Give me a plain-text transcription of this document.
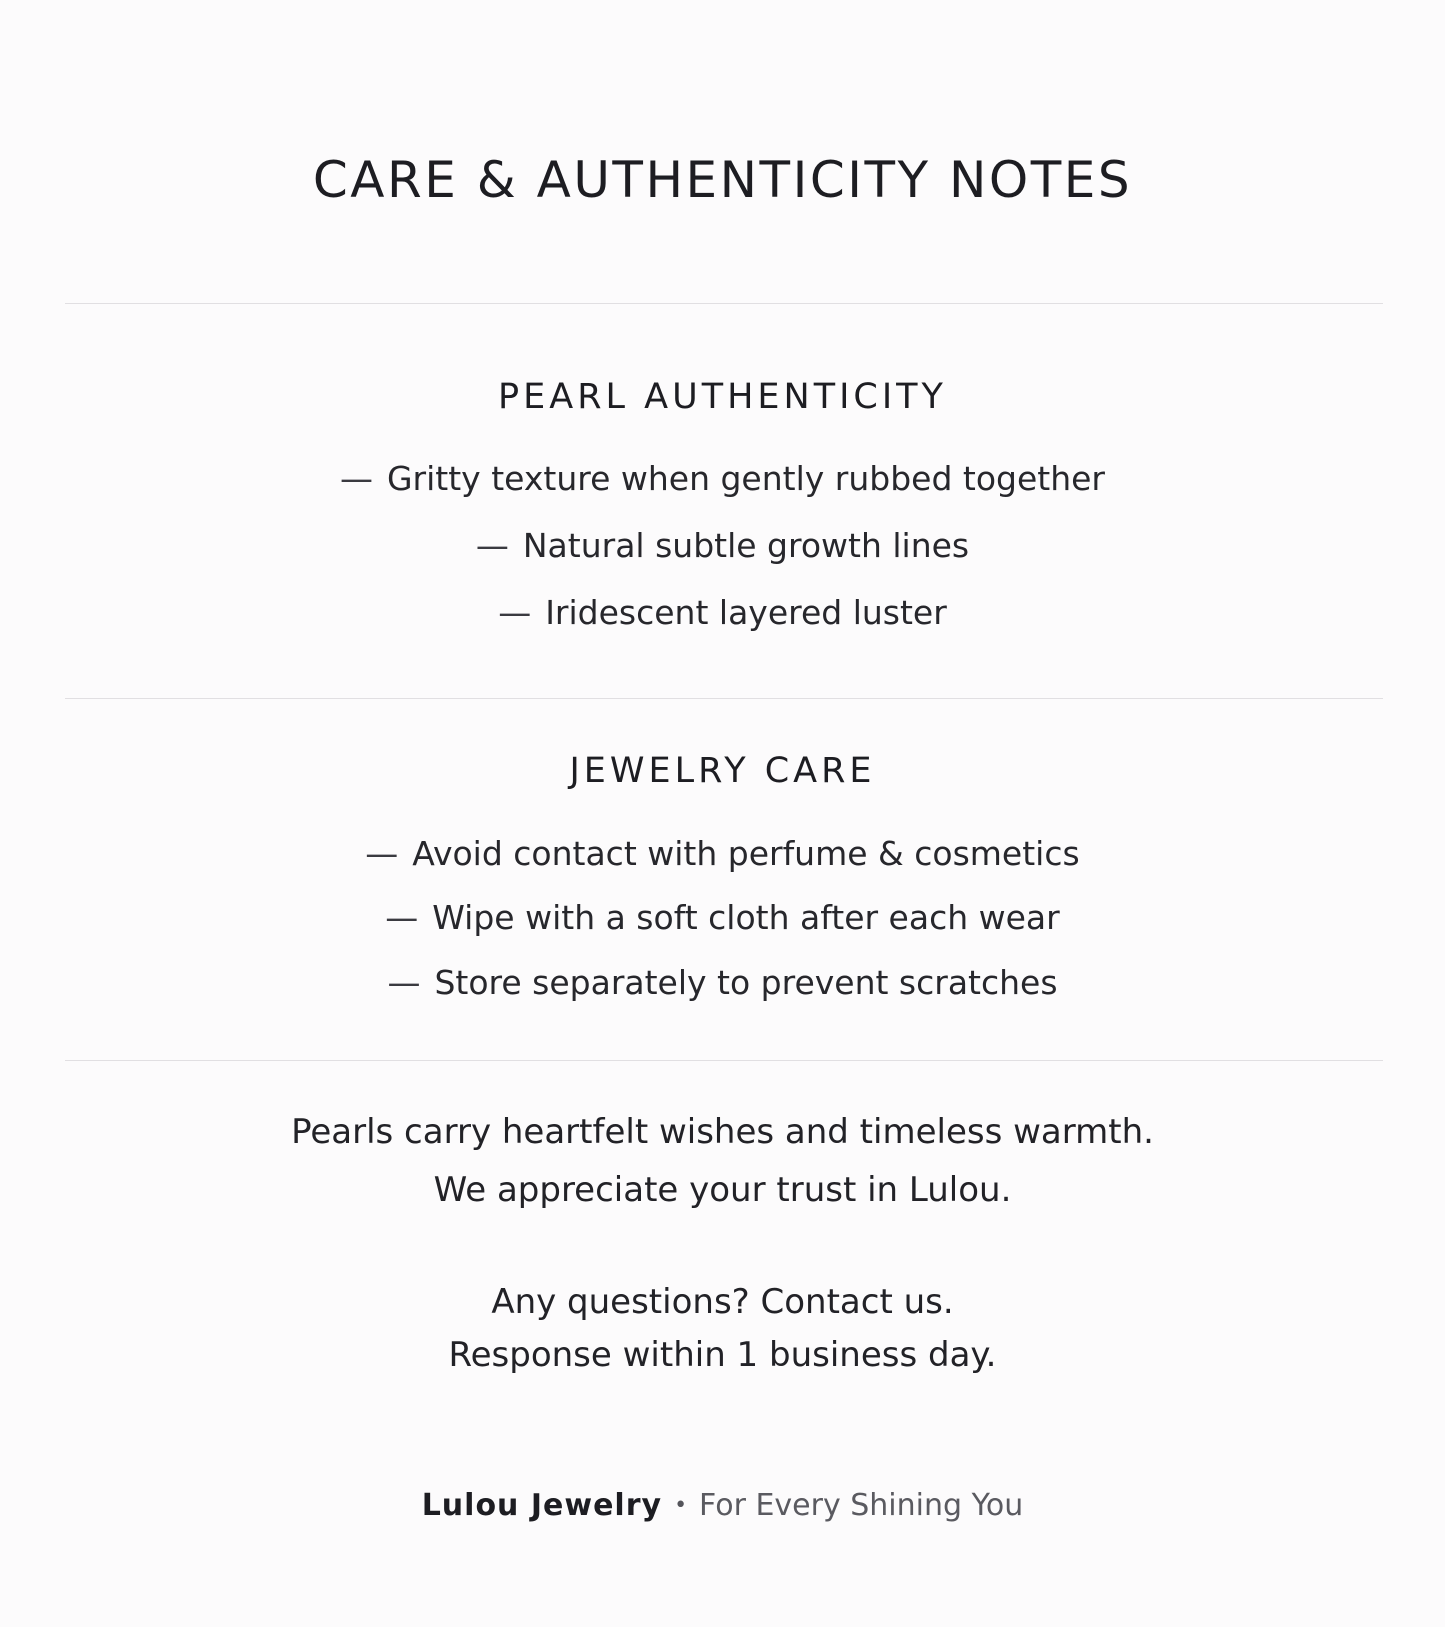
CARE & AUTHENTICITY NOTES
PEARL AUTHENTICITY
— Gritty texture when gently rubbed together
— Natural subtle growth lines
— Iridescent layered luster
JEWELRY CARE
— Avoid contact with perfume & cosmetics
— Wipe with a soft cloth after each wear
— Store separately to prevent scratches
Pearls carry heartfelt wishes and timeless warmth.
We appreciate your trust in Lulou.
Any questions? Contact us.
Response within 1 business day.
Lulou Jewelry • For Every Shining You
